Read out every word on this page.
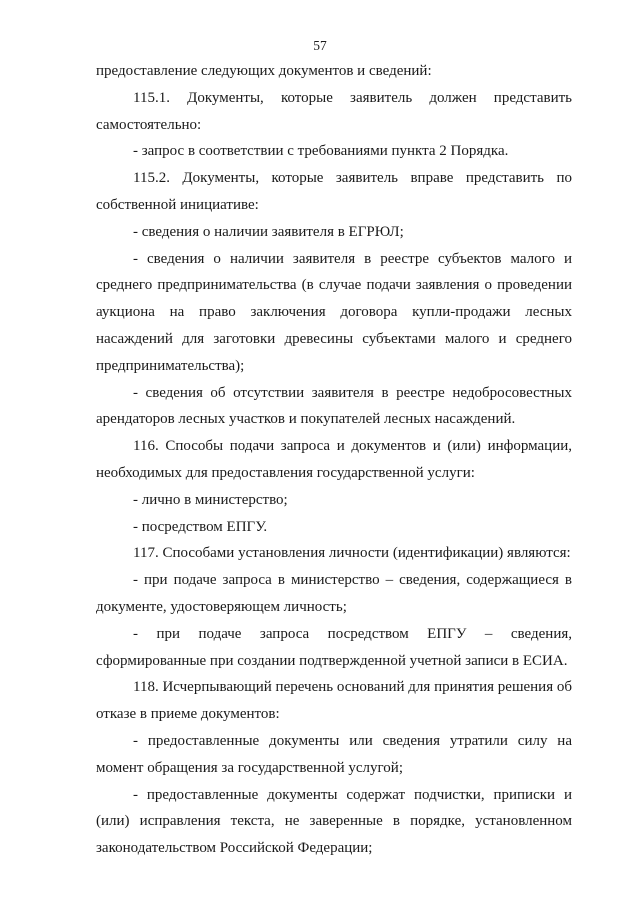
57

предоставление следующих документов и сведений:

115.1. Документы, которые заявитель должен представить самостоятельно:

- запрос в соответствии с требованиями пункта 2 Порядка.

115.2. Документы, которые заявитель вправе представить по собственной инициативе:

- сведения о наличии заявителя в ЕГРЮЛ;

- сведения о наличии заявителя в реестре субъектов малого и среднего предпринимательства (в случае подачи заявления о проведении аукциона на право заключения договора купли-продажи лесных насаждений для заготовки древесины субъектами малого и среднего предпринимательства);

- сведения об отсутствии заявителя в реестре недобросовестных арендаторов лесных участков и покупателей лесных насаждений.

116. Способы подачи запроса и документов и (или) информации, необходимых для предоставления государственной услуги:

- лично в министерство;

- посредством ЕПГУ.

117. Способами установления личности (идентификации) являются:

- при подаче запроса в министерство – сведения, содержащиеся в документе, удостоверяющем личность;

- при подаче запроса посредством ЕПГУ – сведения, сформированные при создании подтвержденной учетной записи в ЕСИА.

118. Исчерпывающий перечень оснований для принятия решения об отказе в приеме документов:

- предоставленные документы или сведения утратили силу на момент обращения за государственной услугой;

- предоставленные документы содержат подчистки, приписки и (или) исправления текста, не заверенные в порядке, установленном законодательством Российской Федерации;
